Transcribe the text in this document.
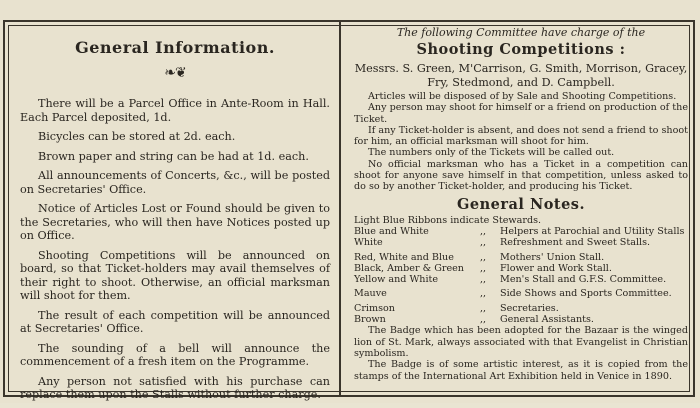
General Information.
❧❦

There will be a Parcel Office in Ante-Room in Hall. Each Parcel deposited, 1d.

Bicycles can be stored at 2d. each.

Brown paper and string can be had at 1d. each.

All announcements of Concerts, &c., will be posted on Secretaries' Office.

Notice of Articles Lost or Found should be given to the Secretaries, who will then have Notices posted up on Office.

Shooting Competitions will be announced on board, so that Ticket-holders may avail themselves of their right to shoot. Otherwise, an official marksman will shoot for them.

The result of each competition will be announced at Secretaries' Office.

The sounding of a bell will announce the commencement of a fresh item on the Programme.

Any person not satisfied with his purchase can replace them upon the Stalls without further charge.

The following Committee have charge of the

Shooting Competitions :

Messrs. S. Green, M'Carrison, G. Smith, Morrison, Gracey, Fry, Stedmond, and D. Campbell.

Articles will be disposed of by Sale and Shooting Competitions.

Any person may shoot for himself or a friend on production of the Ticket.

If any Ticket-holder is absent, and does not send a friend to shoot for him, an official marksman will shoot for him.

The numbers only of the Tickets will be called out.

No official marksman who has a Ticket in a competition can shoot for anyone save himself in that competition, unless asked to do so by another Ticket-holder, and producing his Ticket.

General Notes.

Light Blue Ribbons indicate Stewards.

Blue and White	,,	Helpers at Parochial and Utility Stalls
White	,,	Refreshment and Sweet Stalls.
Red, White and Blue	,,	Mothers' Union Stall.
Black, Amber & Green	,,	Flower and Work Stall.
Yellow and White	,,	Men's Stall and G.F.S. Committee.
Mauve	,,	Side Shows and Sports Committee.
Crimson	,,	Secretaries.
Brown	,,	General Assistants.

The Badge which has been adopted for the Bazaar is the winged lion of St. Mark, always associated with that Evangelist in Christian symbolism.

The Badge is of some artistic interest, as it is copied from the stamps of the International Art Exhibition held in Venice in 1890.
